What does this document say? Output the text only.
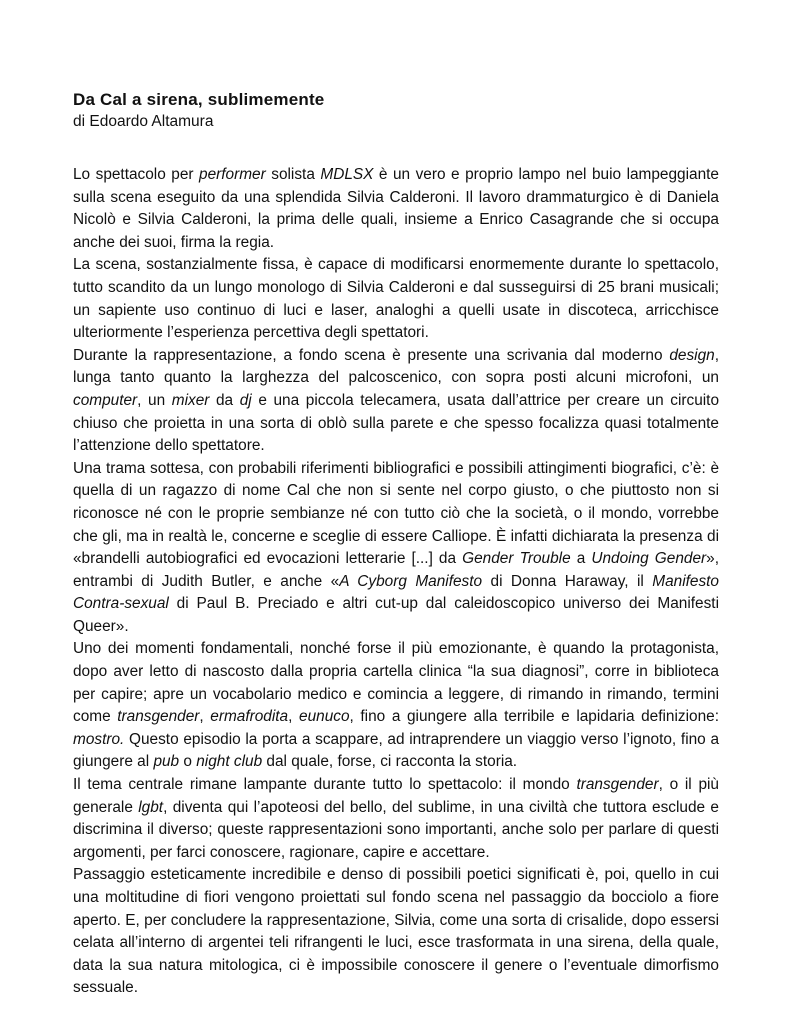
Da Cal a sirena, sublimemente

di Edoardo Altamura

Lo spettacolo per performer solista MDLSX è un vero e proprio lampo nel buio lampeggiante sulla scena eseguito da una splendida Silvia Calderoni. Il lavoro drammaturgico è di Daniela Nicolò e Silvia Calderoni, la prima delle quali, insieme a Enrico Casagrande che si occupa anche dei suoi, firma la regia.

La scena, sostanzialmente fissa, è capace di modificarsi enormemente durante lo spettacolo, tutto scandito da un lungo monologo di Silvia Calderoni e dal susseguirsi di 25 brani musicali; un sapiente uso continuo di luci e laser, analoghi a quelli usate in discoteca, arricchisce ulteriormente l’esperienza percettiva degli spettatori.

Durante la rappresentazione, a fondo scena è presente una scrivania dal moderno design, lunga tanto quanto la larghezza del palcoscenico, con sopra posti alcuni microfoni, un computer, un mixer da dj e una piccola telecamera, usata dall’attrice per creare un circuito chiuso che proietta in una sorta di oblò sulla parete e che spesso focalizza quasi totalmente l’attenzione dello spettatore.

Una trama sottesa, con probabili riferimenti bibliografici e possibili attingimenti biografici, c’è: è quella di un ragazzo di nome Cal che non si sente nel corpo giusto, o che piuttosto non si riconosce né con le proprie sembianze né con tutto ciò che la società, o il mondo, vorrebbe che gli, ma in realtà le, concerne e sceglie di essere Calliope. È infatti dichiarata la presenza di «brandelli autobiografici ed evocazioni letterarie [...] da Gender Trouble a Undoing Gender», entrambi di Judith Butler, e anche «A Cyborg Manifesto di Donna Haraway, il Manifesto Contra-sexual di Paul B. Preciado e altri cut-up dal caleidoscopico universo dei Manifesti Queer».

Uno dei momenti fondamentali, nonché forse il più emozionante, è quando la protagonista, dopo aver letto di nascosto dalla propria cartella clinica “la sua diagnosi”, corre in biblioteca per capire; apre un vocabolario medico e comincia a leggere, di rimando in rimando, termini come transgender, ermafrodita, eunuco, fino a giungere alla terribile e lapidaria definizione: mostro. Questo episodio la porta a scappare, ad intraprendere un viaggio verso l’ignoto, fino a giungere al pub o night club dal quale, forse, ci racconta la storia.

Il tema centrale rimane lampante durante tutto lo spettacolo: il mondo transgender, o il più generale lgbt, diventa qui l’apoteosi del bello, del sublime, in una civiltà che tuttora esclude e discrimina il diverso; queste rappresentazioni sono importanti, anche solo per parlare di questi argomenti, per farci conoscere, ragionare, capire e accettare.

Passaggio esteticamente incredibile e denso di possibili poetici significati è, poi, quello in cui una moltitudine di fiori vengono proiettati sul fondo scena nel passaggio da bocciolo a fiore aperto. E, per concludere la rappresentazione, Silvia, come una sorta di crisalide, dopo essersi celata all’interno di argentei teli rifrangenti le luci, esce trasformata in una sirena, della quale, data la sua natura mitologica, ci è impossibile conoscere il genere o l’eventuale dimorfismo sessuale.
